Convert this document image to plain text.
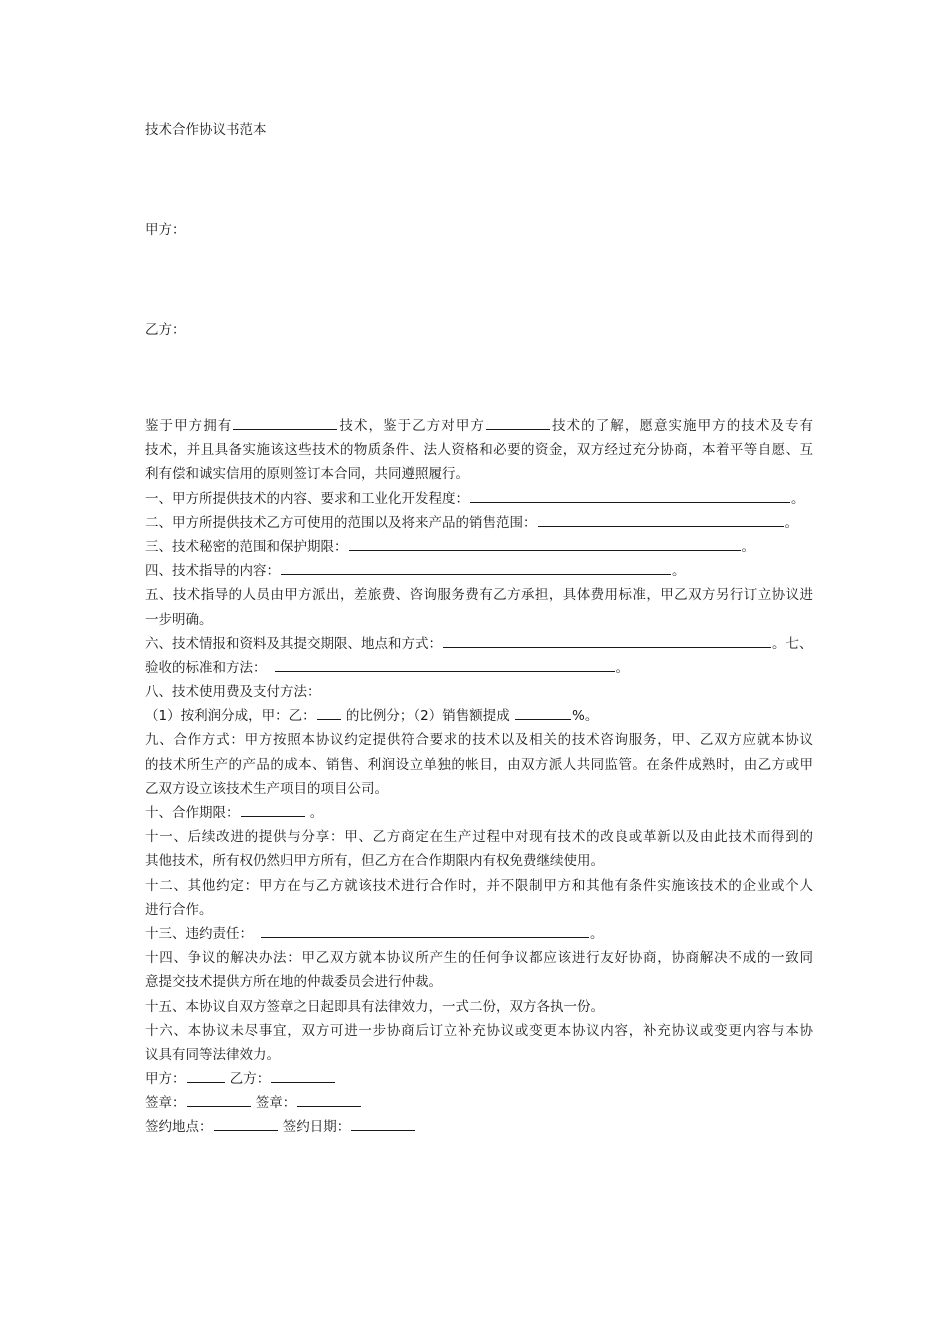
技术合作协议书范本
甲方：
乙方：
鉴于甲方拥有	技术，鉴于乙方对甲方	技术的了解，愿意实施甲方的技术及专有
技术，并且具备实施该这些技术的物质条件、法人资格和必要的资金，双方经过充分协商，本着平等自愿、互
利有偿和诚实信用的原则签订本合同，共同遵照履行。
一、甲方所提供技术的内容、要求和工业化开发程度：	。
二、甲方所提供技术乙方可使用的范围以及将来产品的销售范围：	。
三、技术秘密的范围和保护期限：	。
四、技术指导的内容：	。
五、技术指导的人员由甲方派出，差旅费、咨询服务费有乙方承担，具体费用标准，甲乙双方另行订立协议进
一步明确。
六、技术情报和资料及其提交期限、地点和方式：	。七、
验收的标准和方法：	。
八、技术使用费及支付方法：
（1）按利润分成，甲：乙： 的比例分；（2）销售额提成	%。
九、合作方式：甲方按照本协议约定提供符合要求的技术以及相关的技术咨询服务，甲、乙双方应就本协议
的技术所生产的产品的成本、销售、利润设立单独的帐目，由双方派人共同监管。在条件成熟时，由乙方或甲
乙双方设立该技术生产项目的项目公司。
十、合作期限：	。
十一、后续改进的提供与分享：甲、乙方商定在生产过程中对现有技术的改良或革新以及由此技术而得到的
其他技术，所有权仍然归甲方所有，但乙方在合作期限内有权免费继续使用。
十二、其他约定：甲方在与乙方就该技术进行合作时，并不限制甲方和其他有条件实施该技术的企业或个人
进行合作。
十三、违约责任：	。
十四、争议的解决办法：甲乙双方就本协议所产生的任何争议都应该进行友好协商，协商解决不成的一致同
意提交技术提供方所在地的仲裁委员会进行仲裁。
十五、本协议自双方签章之日起即具有法律效力，一式二份，双方各执一份。
十六、本协议未尽事宜，双方可进一步协商后订立补充协议或变更本协议内容，补充协议或变更内容与本协
议具有同等法律效力。
甲方：	乙方：
签章：	签章：
签约地点：	签约日期：
